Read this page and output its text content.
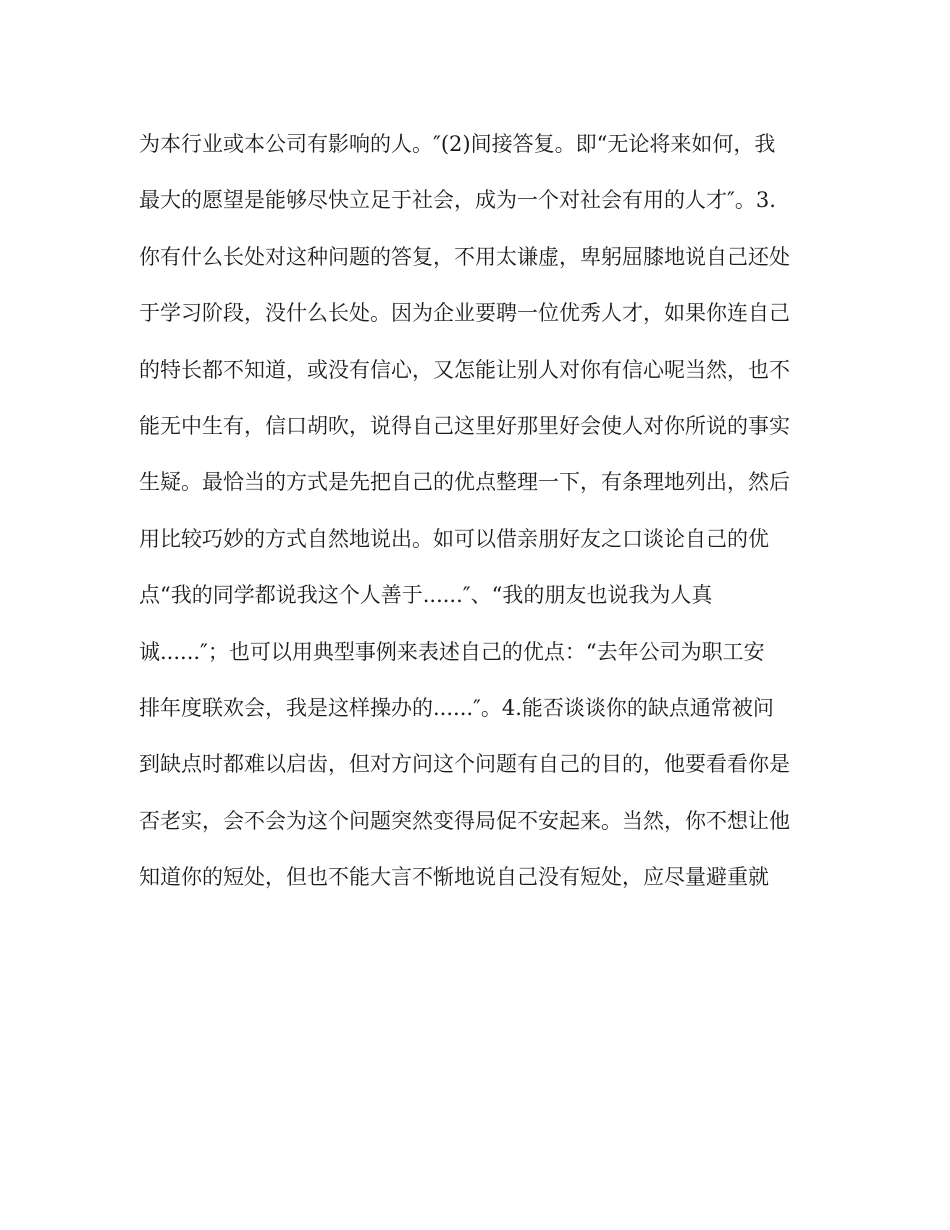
为本行业或本公司有影响的人。″(2)间接答复。即“无论将来如何，我
最大的愿望是能够尽快立足于社会，成为一个对社会有用的人才″。3.
你有什么长处对这种问题的答复，不用太谦虚，卑躬屈膝地说自己还处
于学习阶段，没什么长处。因为企业要聘一位优秀人才，如果你连自己
的特长都不知道，或没有信心，又怎能让别人对你有信心呢当然，也不
能无中生有，信口胡吹，说得自己这里好那里好会使人对你所说的事实
生疑。最恰当的方式是先把自己的优点整理一下，有条理地列出，然后
用比较巧妙的方式自然地说出。如可以借亲朋好友之口谈论自己的优
点“我的同学都说我这个人善于......″、“我的朋友也说我为人真
诚......″；也可以用典型事例来表述自己的优点：“去年公司为职工安
排年度联欢会，我是这样操办的......″。4.能否谈谈你的缺点通常被问
到缺点时都难以启齿，但对方问这个问题有自己的目的，他要看看你是
否老实，会不会为这个问题突然变得局促不安起来。当然，你不想让他
知道你的短处，但也不能大言不惭地说自己没有短处，应尽量避重就
